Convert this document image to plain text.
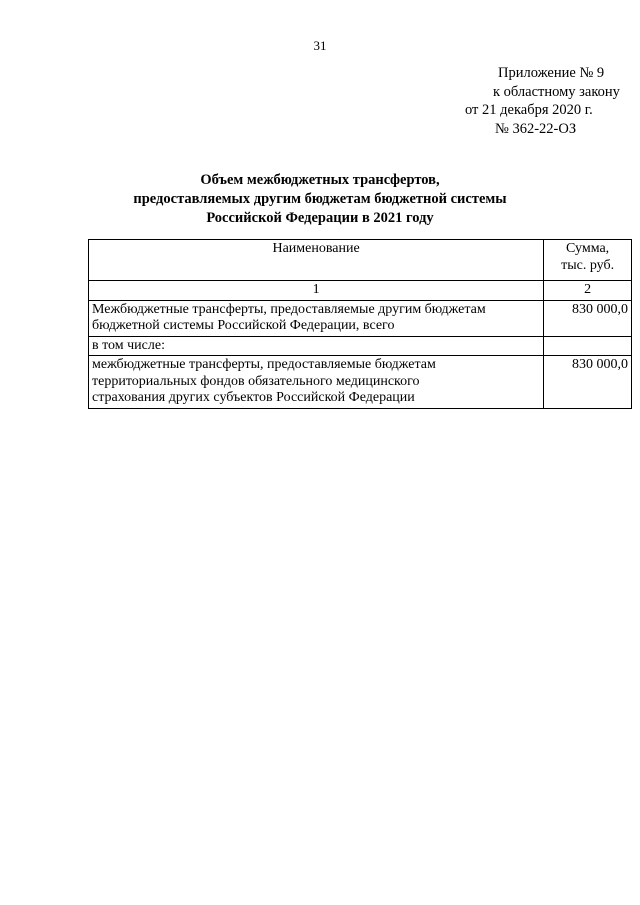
31
Приложение № 9
к областному закону
от 21 декабря 2020 г.
№ 362-22-ОЗ
Объем межбюджетных трансфертов,
предоставляемых другим бюджетам бюджетной системы
Российской Федерации в 2021 году
Наименование	Сумма,
тыс. руб.

1	2

Межбюджетные трансферты, предоставляемые другим бюджетам
бюджетной системы Российской Федерации, всего	830 000,0

в том числе:	

межбюджетные трансферты, предоставляемые бюджетам
территориальных фондов обязательного медицинского
страхования других субъектов Российской Федерации	830 000,0
